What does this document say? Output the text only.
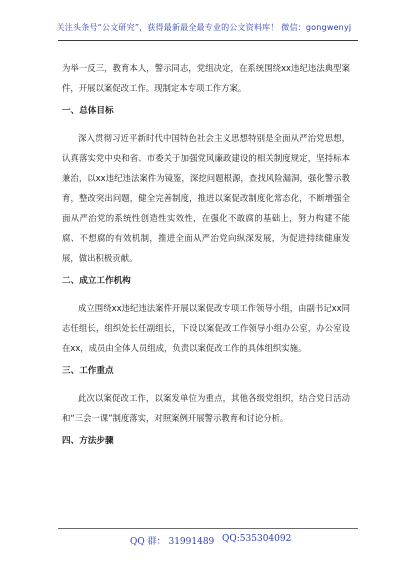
关注头条号“公文研究”，获得最新最全最专业的公文资料库！ 微信：gongwenyj

为举一反三，教育本人，警示同志，党组决定，在系统围绕xx违纪违法典型案件，开展以案促改工作。现制定本专项工作方案。

一、总体目标

深入贯彻习近平新时代中国特色社会主义思想特别是全面从严治党思想，认真落实党中央和省、市委关于加强党风廉政建设的相关制度规定，坚持标本兼治，以xx违纪违法案件为镜鉴，深挖问题根源，查找风险漏洞，强化警示教育，整改突出问题，健全完善制度，推进以案促改制度化常态化，不断增强全面从严治党的系统性创造性实效性，在强化不敢腐的基础上，努力构建不能腐、不想腐的有效机制，推进全面从严治党向纵深发展，为促进持续健康发展，做出积极贡献。

二、成立工作机构

成立围绕xx违纪违法案件开展以案促改专项工作领导小组，由副书记xx同志任组长，组织处长任副组长，下设以案促改工作领导小组办公室，办公室设在xx，成员由全体人员组成，负责以案促改工作的具体组织实施。

三、工作重点

此次以案促改工作，以案发单位为重点，其他各级党组织，结合党日活动和“三会一课”制度落实，对照案例开展警示教育和讨论分析。

四、方法步骤
QQ 群： 31991489 QQ:535304092
